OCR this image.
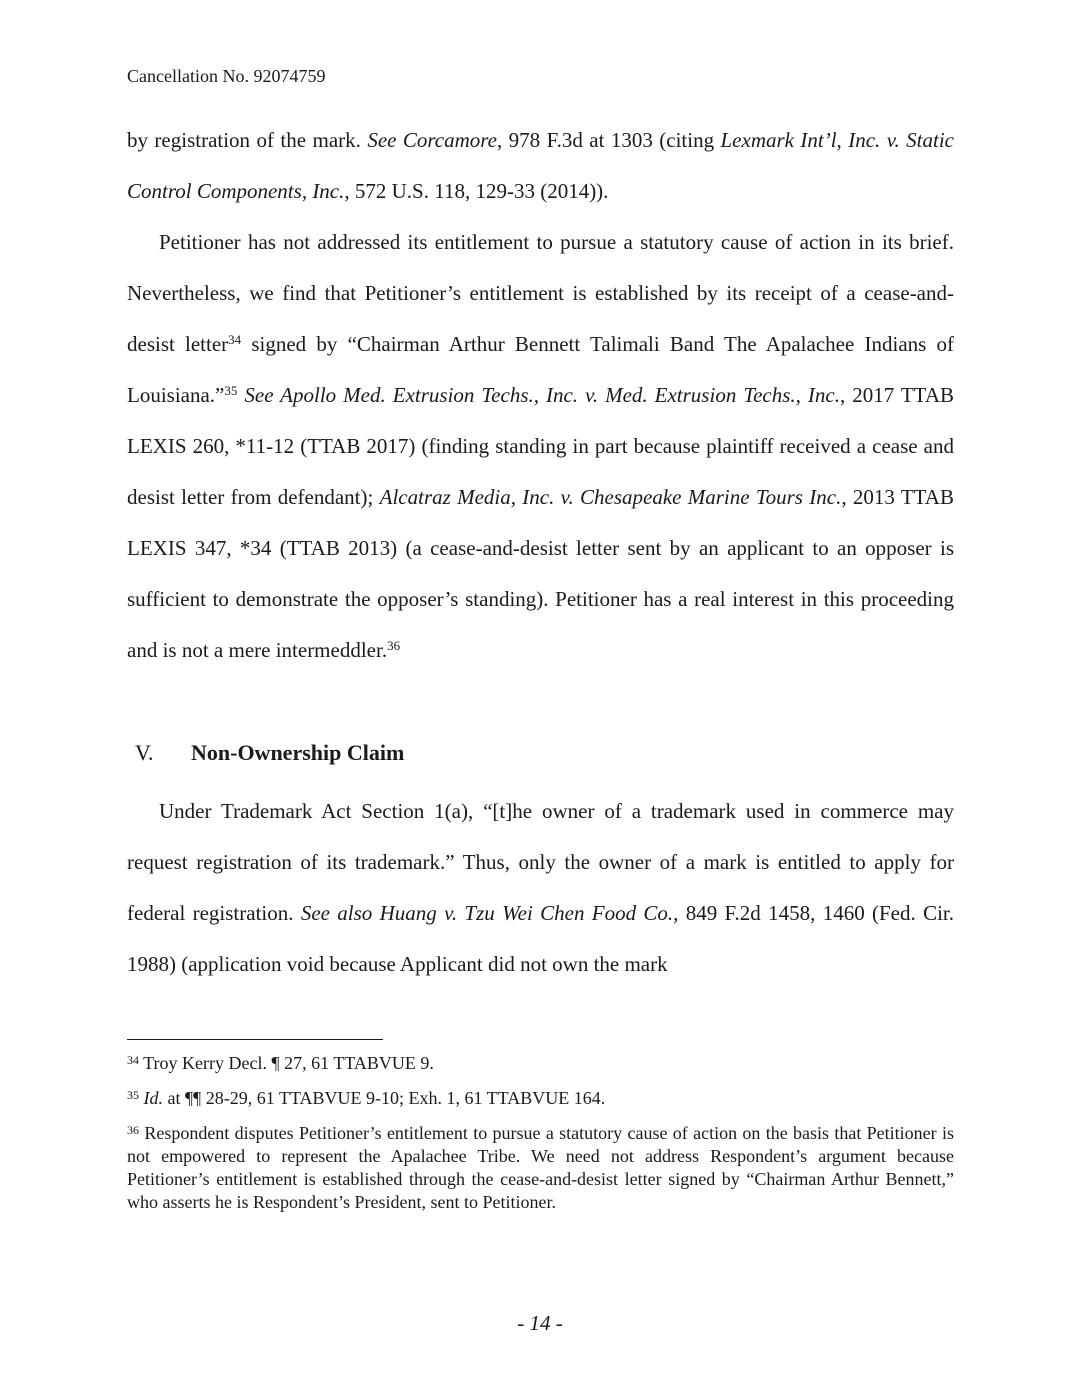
Cancellation No. 92074759
by registration of the mark. See Corcamore, 978 F.3d at 1303 (citing Lexmark Int’l, Inc. v. Static Control Components, Inc., 572 U.S. 118, 129-33 (2014)).
Petitioner has not addressed its entitlement to pursue a statutory cause of action in its brief. Nevertheless, we find that Petitioner’s entitlement is established by its receipt of a cease-and-desist letter$^{34}$ signed by “Chairman Arthur Bennett Talimali Band The Apalachee Indians of Louisiana.”$^{35}$ See Apollo Med. Extrusion Techs., Inc. v. Med. Extrusion Techs., Inc., 2017 TTAB LEXIS 260, *11-12 (TTAB 2017) (finding standing in part because plaintiff received a cease and desist letter from defendant); Alcatraz Media, Inc. v. Chesapeake Marine Tours Inc., 2013 TTAB LEXIS 347, *34 (TTAB 2013) (a cease-and-desist letter sent by an applicant to an opposer is sufficient to demonstrate the opposer’s standing). Petitioner has a real interest in this proceeding and is not a mere intermeddler.$^{36}$
V. Non-Ownership Claim
Under Trademark Act Section 1(a), “[t]he owner of a trademark used in commerce may request registration of its trademark.” Thus, only the owner of a mark is entitled to apply for federal registration. See also Huang v. Tzu Wei Chen Food Co., 849 F.2d 1458, 1460 (Fed. Cir. 1988) (application void because Applicant did not own the mark
$^{34}$ Troy Kerry Decl. ¶ 27, 61 TTABVUE 9.
$^{35}$ Id. at ¶¶ 28-29, 61 TTABVUE 9-10; Exh. 1, 61 TTABVUE 164.
$^{36}$ Respondent disputes Petitioner’s entitlement to pursue a statutory cause of action on the basis that Petitioner is not empowered to represent the Apalachee Tribe. We need not address Respondent’s argument because Petitioner’s entitlement is established through the cease-and-desist letter signed by “Chairman Arthur Bennett,” who asserts he is Respondent’s President, sent to Petitioner.
- 14 -
